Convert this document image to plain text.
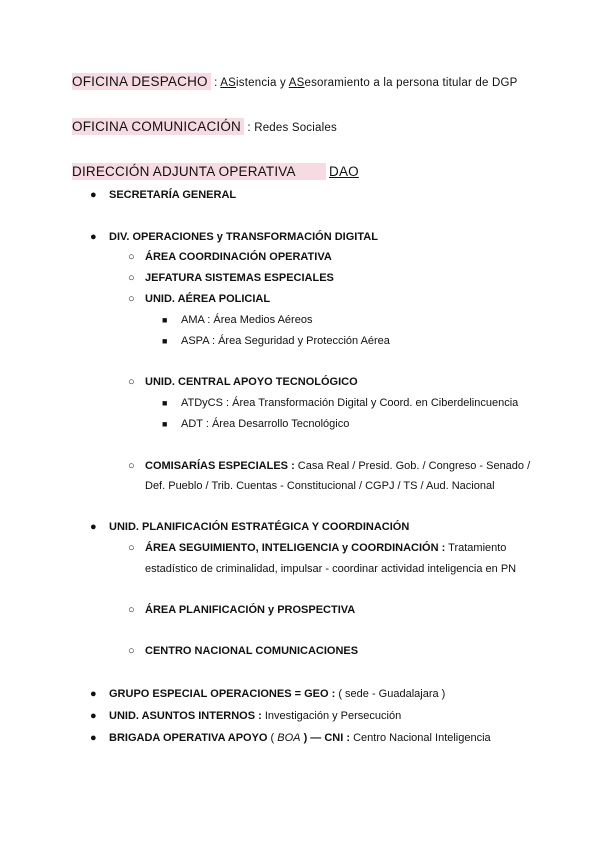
OFICINA DESPACHO : ASistencia y ASesoramiento a la persona titular de DGP
OFICINA COMUNICACIÓN : Redes Sociales
DIRECCIÓN ADJUNTA OPERATIVA	DAO
● SECRETARÍA GENERAL
● DIV. OPERACIONES y TRANSFORMACIÓN DIGITAL
○ ÁREA COORDINACIÓN OPERATIVA
○ JEFATURA SISTEMAS ESPECIALES
○ UNID. AÉREA POLICIAL
■ AMA : Área Medios Aéreos
■ ASPA : Área Seguridad y Protección Aérea
○ UNID. CENTRAL APOYO TECNOLÓGICO
■ ATDyCS : Área Transformación Digital y Coord. en Ciberdelincuencia
■ ADT : Área Desarrollo Tecnológico
○ COMISARÍAS ESPECIALES : Casa Real / Presid. Gob. / Congreso - Senado /
Def. Pueblo / Trib. Cuentas - Constitucional / CGPJ / TS / Aud. Nacional
● UNID. PLANIFICACIÓN ESTRATÉGICA Y COORDINACIÓN
○ ÁREA SEGUIMIENTO, INTELIGENCIA y COORDINACIÓN : Tratamiento
estadístico de criminalidad, impulsar - coordinar actividad inteligencia en PN
○ ÁREA PLANIFICACIÓN y PROSPECTIVA
○ CENTRO NACIONAL COMUNICACIONES
● GRUPO ESPECIAL OPERACIONES = GEO : ( sede - Guadalajara )
● UNID. ASUNTOS INTERNOS : Investigación y Persecución
● BRIGADA OPERATIVA APOYO ( BOA ) — CNI : Centro Nacional Inteligencia
